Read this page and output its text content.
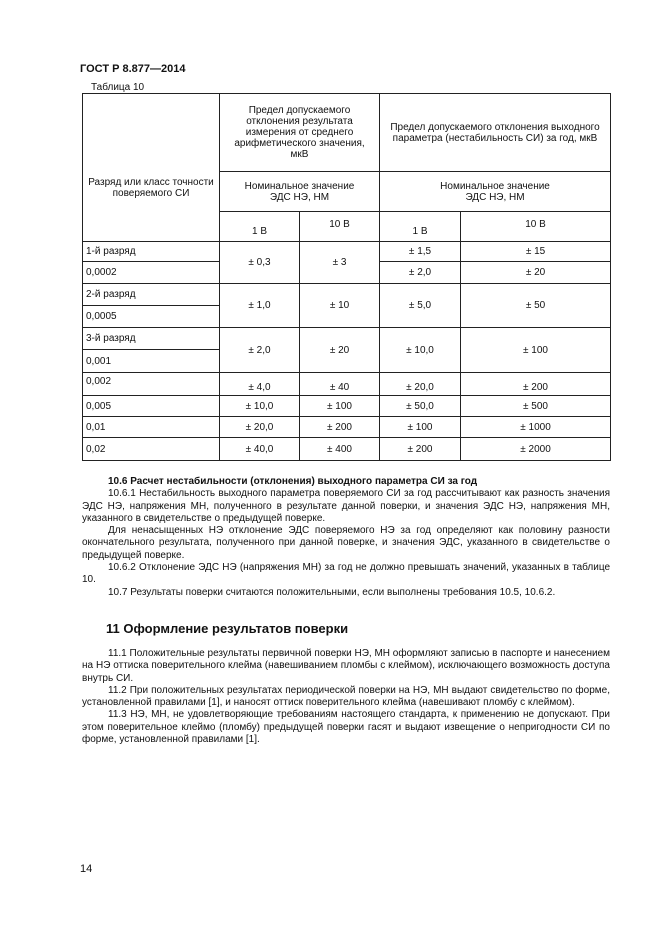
ГОСТ Р 8.877—2014
Таблица 10
Разряд или класс точности поверяемого СИ	Предел допускаемого отклонения результата измерения от среднего арифметического значения, мкВ		Предел допускаемого отклонения выходного параметра (нестабильность СИ) за год, мкВ	
	Номинальное значение ЭДС НЭ, НМ		Номинальное значение ЭДС НЭ, НМ	
	1 В	10 В	1 В	10 В
1-й разряд	± 0,3	± 3	± 1,5	± 15
0,0002			± 2,0	± 20
2-й разряд	± 1,0	± 10	± 5,0	± 50
0,0005				
3-й разряд	± 2,0	± 20	± 10,0	± 100
0,001				
0,002	± 4,0	± 40	± 20,0	± 200
0,005	± 10,0	± 100	± 50,0	± 500
0,01	± 20,0	± 200	± 100	± 1000
0,02	± 40,0	± 400	± 200	± 2000

10.6 Расчет нестабильности (отклонения) выходного параметра СИ за год

10.6.1 Нестабильность выходного параметра поверяемого СИ за год рассчитывают как разность значения ЭДС НЭ, напряжения МН, полученного в результате данной поверки, и значения ЭДС НЭ, напряжения МН, указанного в свидетельстве о предыдущей поверке.

Для ненасыщенных НЭ отклонение ЭДС поверяемого НЭ за год определяют как половину разности окончательного результата, полученного при данной поверке, и значения ЭДС, указанного в свидетельстве о предыдущей поверке.

10.6.2 Отклонение ЭДС НЭ (напряжения МН) за год не должно превышать значений, указанных в таблице 10.

10.7 Результаты поверки считаются положительными, если выполнены требования 10.5, 10.6.2.

11 Оформление результатов поверки

11.1 Положительные результаты первичной поверки НЭ, МН оформляют записью в паспорте и нанесением на НЭ оттиска поверительного клейма (навешиванием пломбы с клеймом), исключающего возможность доступа внутрь СИ.

11.2 При положительных результатах периодической поверки на НЭ, МН выдают свидетельство по форме, установленной правилами [1], и наносят оттиск поверительного клейма (навешивают пломбу с клеймом).

11.3 НЭ, МН, не удовлетворяющие требованиям настоящего стандарта, к применению не допускают. При этом поверительное клеймо (пломбу) предыдущей поверки гасят и выдают извещение о непригодности СИ по форме, установленной правилами [1].

14
